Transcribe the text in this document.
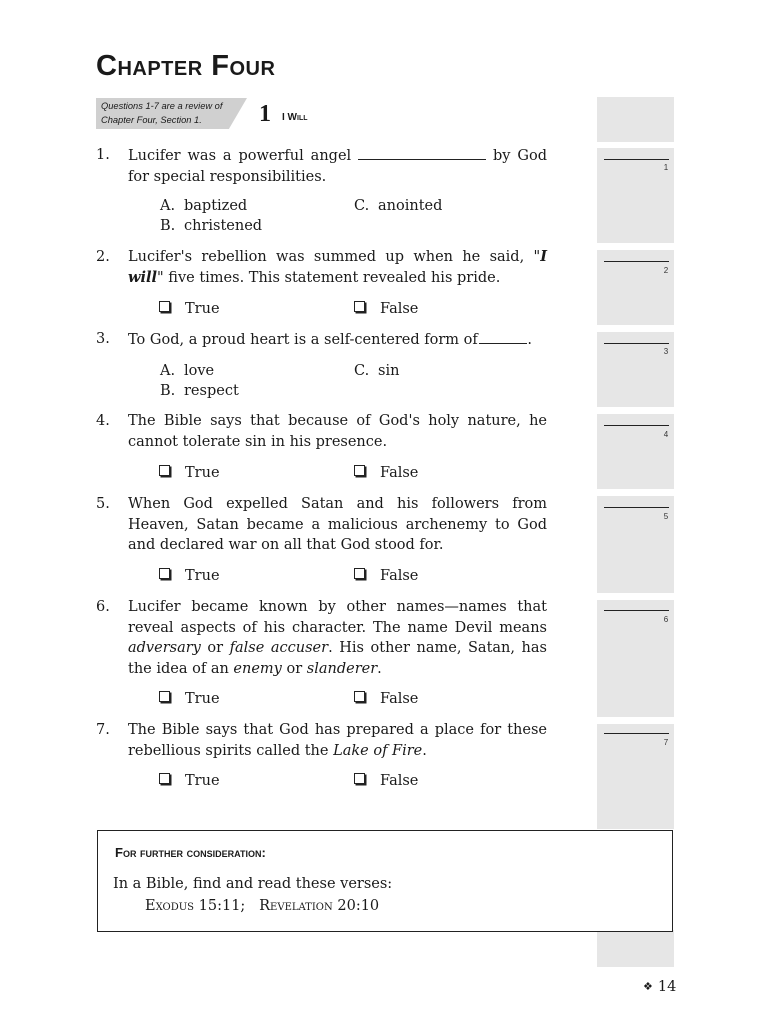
Chapter Four
Questions 1-7 are a review of Chapter Four, Section 1.	1 I Will
1
2
3
4
5
6
7
1. Lucifer was a powerful angel	by God for special responsibilities.
A. baptized
B. christened
C. anointed
2. Lucifer's rebellion was summed up when he said, "I will" five times. This statement revealed his pride.
True	False
3. To God, a proud heart is a self-centered form of	.
A. love
B. respect
C. sin
4. The Bible says that because of God's holy nature, he cannot tolerate sin in his presence.
True	False
5. When God expelled Satan and his followers from Heaven, Satan became a malicious archenemy to God and declared war on all that God stood for.
True	False
6. Lucifer became known by other names—names that reveal aspects of his character. The name Devil means adversary or false accuser. His other name, Satan, has the idea of an enemy or slanderer.
True	False
7. The Bible says that God has prepared a place for these rebellious spirits called the Lake of Fire.
True	False
For further consideration:
In a Bible, find and read these verses:
Exodus 15:11;   Revelation 20:10
❖ 14
